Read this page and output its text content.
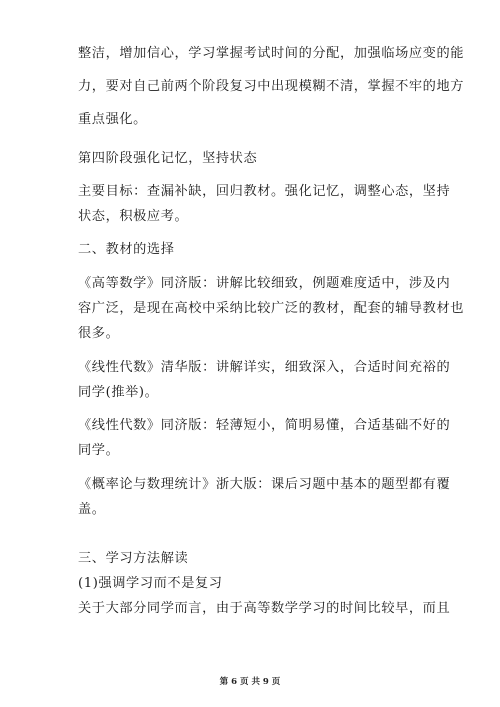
整洁，增加信心，学习掌握考试时间的分配，加强临场应变的能
力，要对自己前两个阶段复习中出现模糊不清，掌握不牢的地方
重点强化。
第四阶段强化记忆，坚持状态
主要目标：查漏补缺，回归教材。强化记忆，调整心态，坚持
状态，积极应考。
二、教材的选择
《高等数学》同济版：讲解比较细致，例题难度适中，涉及内
容广泛，是现在高校中采纳比较广泛的教材，配套的辅导教材也
很多。
《线性代数》清华版：讲解详实，细致深入，合适时间充裕的
同学(推举)。
《线性代数》同济版：轻薄短小，简明易懂，合适基础不好的
同学。
《概率论与数理统计》浙大版：课后习题中基本的题型都有覆
盖。
三、学习方法解读
(1)强调学习而不是复习
关于大部分同学而言，由于高等数学学习的时间比较早，而且
第 6 页 共 9 页
